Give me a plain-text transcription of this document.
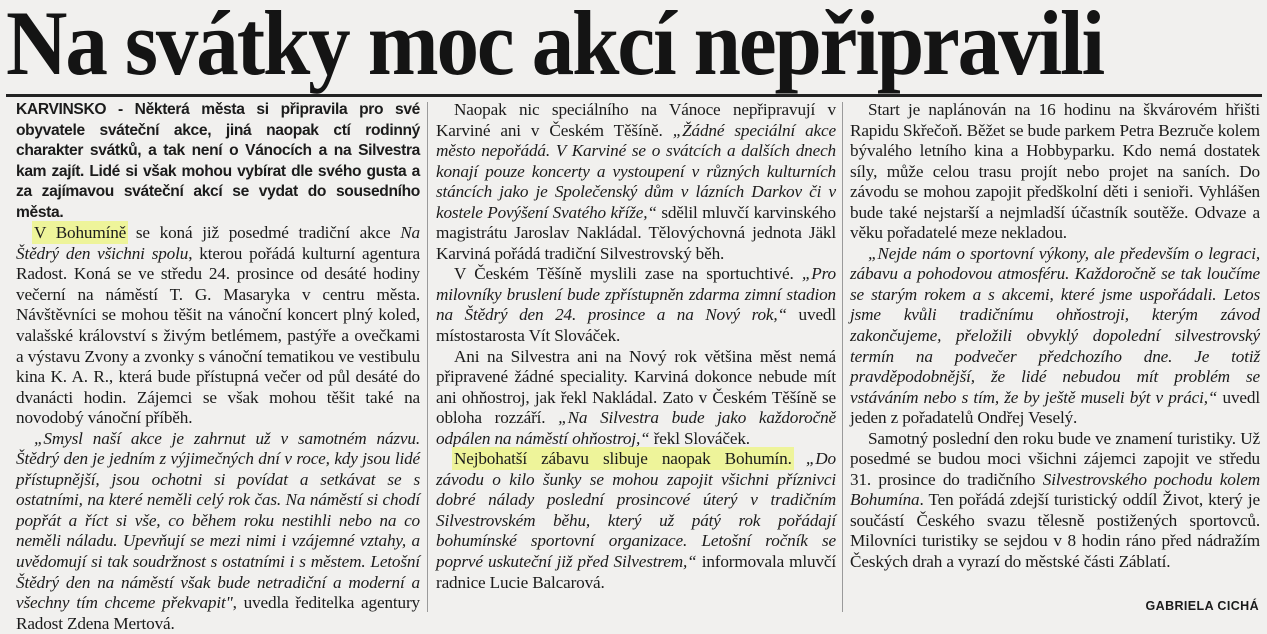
Na svátky moc akcí nepřipravili

KARVINSKO - Některá města si připravila pro své obyvatele sváteční akce, jiná naopak ctí rodinný charakter svátků, a tak není o Vánocích a na Silvestra kam zajít. Lidé si však mohou vybírat dle svého gusta a za zajímavou sváteční akcí se vydat do sousedního města.

V Bohumíně se koná již posedmé tradiční akce Na Štědrý den všichni spolu, kterou pořádá kulturní agentura Radost. Koná se ve středu 24. prosince od desáté hodiny večerní na náměstí T. G. Masaryka v centru města. Návštěvníci se mohou těšit na vánoční koncert plný koled, valašské království s živým betlémem, pastýře a ovečkami a výstavu Zvony a zvonky s vánoční tematikou ve vestibulu kina K. A. R., která bude přístupná večer od půl desáté do dvanácti hodin. Zájemci se však mohou těšit také na novodobý vánoční příběh.

„Smysl naší akce je zahrnut už v samotném názvu. Štědrý den je jedním z výjimečných dní v roce, kdy jsou lidé přístupnější, jsou ochotni si povídat a setkávat se s ostatními, na které neměli celý rok čas. Na náměstí si chodí popřát a říct si vše, co během roku nestihli nebo na co neměli náladu. Upevňují se mezi nimi i vzájemné vztahy, a uvědomují si tak soudržnost s ostatními i s městem. Letošní Štědrý den na náměstí však bude netradiční a moderní a všechny tím chceme překvapit", uvedla ředitelka agentury Radost Zdena Mertová.

Naopak nic speciálního na Vánoce nepřipravují v Karviné ani v Českém Těšíně. „Žádné speciální akce město nepořádá. V Karviné se o svátcích a dalších dnech konají pouze koncerty a vystoupení v různých kulturních stáncích jako je Společenský dům v lázních Darkov či v kostele Povýšení Svatého kříže,“ sdělil mluvčí karvinského magistrátu Jaroslav Nakládal. Tělovýchovná jednota Jäkl Karviná pořádá tradiční Silvestrovský běh.

V Českém Těšíně myslili zase na sportuchtivé. „Pro milovníky bruslení bude zpřístupněn zdarma zimní stadion na Štědrý den 24. prosince a na Nový rok,“ uvedl místostarosta Vít Slováček.

Ani na Silvestra ani na Nový rok většina měst nemá připravené žádné speciality. Karviná dokonce nebude mít ani ohňostroj, jak řekl Nakládal. Zato v Českém Těšíně se obloha rozzáří. „Na Silvestra bude jako každoročně odpálen na náměstí ohňostroj,“ řekl Slováček.

Nejbohatší zábavu slibuje naopak Bohumín. „Do závodu o kilo šunky se mohou zapojit všichni příznivci dobré nálady poslední prosincové úterý v tradičním Silvestrovském běhu, který už pátý rok pořádají bohumínské sportovní organizace. Letošní ročník se poprvé uskuteční již před Silvestrem,“ informovala mluvčí radnice Lucie Balcarová.

Start je naplánován na 16 hodinu na škvárovém hřišti Rapidu Skřečoň. Běžet se bude parkem Petra Bezruče kolem bývalého letního kina a Hobbyparku. Kdo nemá dostatek síly, může celou trasu projít nebo projet na saních. Do závodu se mohou zapojit předškolní děti i senioři. Vyhlášen bude také nejstarší a nejmladší účastník soutěže. Odvaze a věku pořadatelé meze nekladou.

„Nejde nám o sportovní výkony, ale především o legraci, zábavu a pohodovou atmosféru. Každoročně se tak loučíme se starým rokem a s akcemi, které jsme uspořádali. Letos jsme kvůli tradičnímu ohňostroji, kterým závod zakončujeme, přeložili obvyklý dopolední silvestrovský termín na podvečer předchozího dne. Je totiž pravděpodobnější, že lidé nebudou mít problém se vstáváním nebo s tím, že by ještě museli být v práci,“ uvedl jeden z pořadatelů Ondřej Veselý.

Samotný poslední den roku bude ve znamení turistiky. Už posedmé se budou moci všichni zájemci zapojit ve středu 31. prosince do tradičního Silvestrovského pochodu kolem Bohumína. Ten pořádá zdejší turistický oddíl Život, který je součástí Českého svazu tělesně postižených sportovců. Milovníci turistiky se sejdou v 8 hodin ráno před nádražím Českých drah a vyrazí do městské části Záblatí.

GABRIELA CICHÁ
